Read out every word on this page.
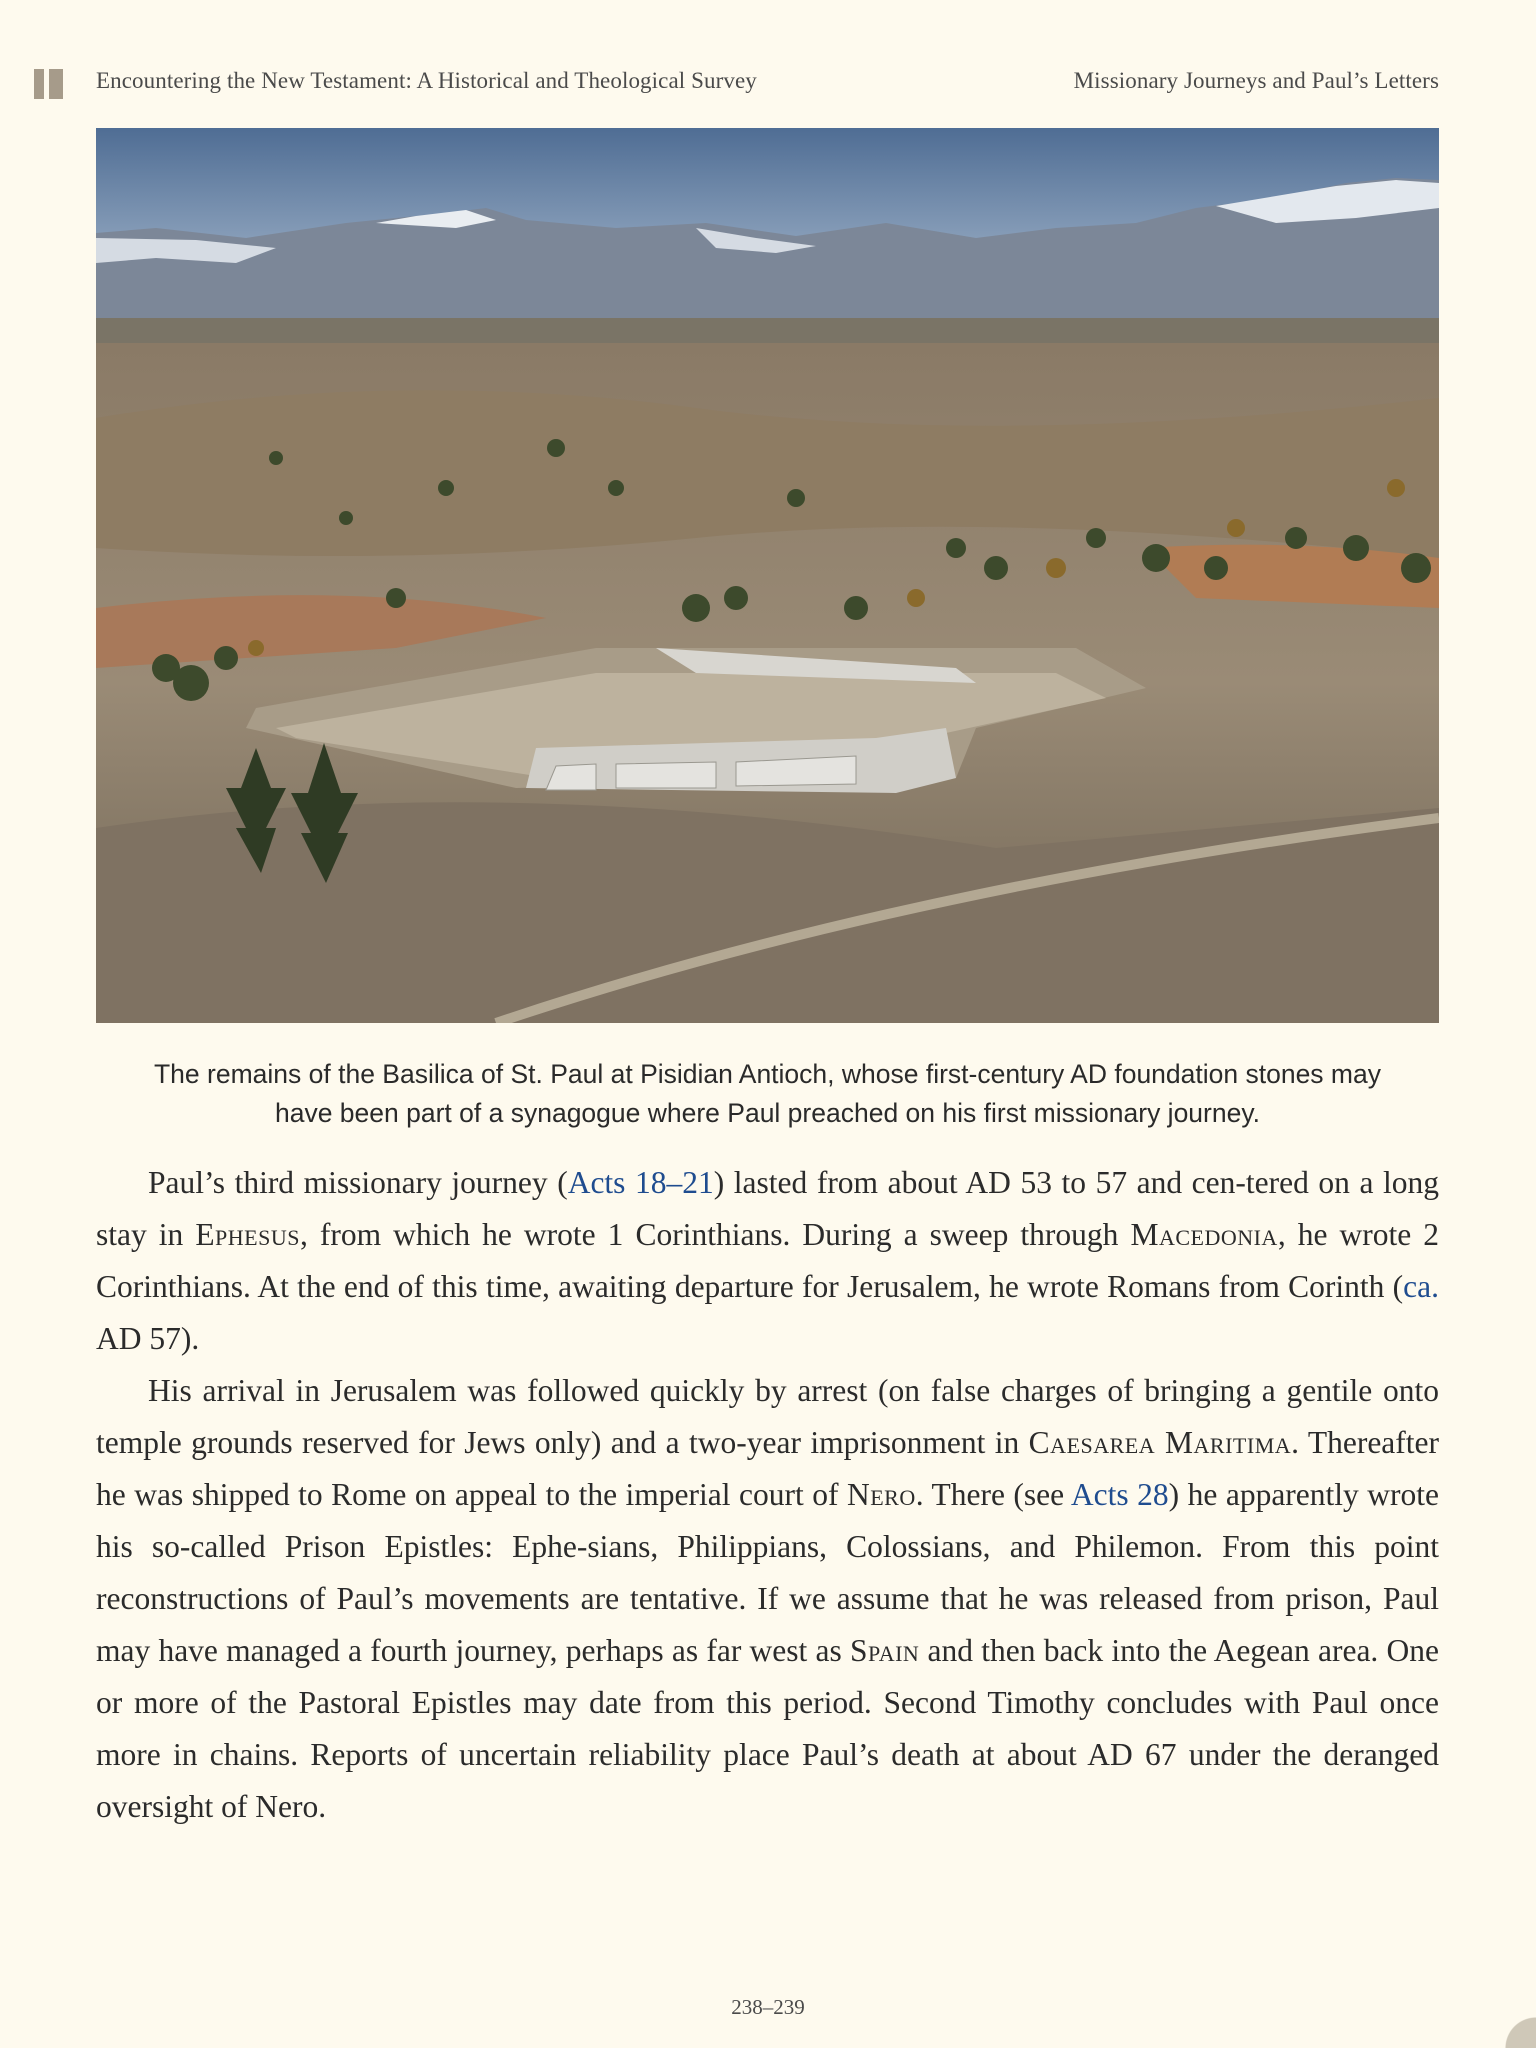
Encountering the New Testament: A Historical and Theological Survey	Missionary Journeys and Paul’s Letters
The remains of the Basilica of St. Paul at Pisidian Antioch, whose first-century AD foundation stones may
have been part of a synagogue where Paul preached on his first missionary journey.

Paul’s third missionary journey (Acts 18–21) lasted from about AD 53 to 57 and cen-tered on a long stay in Ephesus, from which he wrote 1 Corinthians. During a sweep through Macedonia, he wrote 2 Corinthians. At the end of this time, awaiting departure for Jerusalem, he wrote Romans from Corinth (ca. AD 57).

His arrival in Jerusalem was followed quickly by arrest (on false charges of bringing a gentile onto temple grounds reserved for Jews only) and a two-year imprisonment in Caesarea Maritima. Thereafter he was shipped to Rome on appeal to the imperial court of Nero. There (see Acts 28) he apparently wrote his so-called Prison Epistles: Ephe-sians, Philippians, Colossians, and Philemon. From this point reconstructions of Paul’s movements are tentative. If we assume that he was released from prison, Paul may have managed a fourth journey, perhaps as far west as Spain and then back into the Aegean area. One or more of the Pastoral Epistles may date from this period. Second Timothy concludes with Paul once more in chains. Reports of uncertain reliability place Paul’s death at about AD 67 under the deranged oversight of Nero.

238–239
